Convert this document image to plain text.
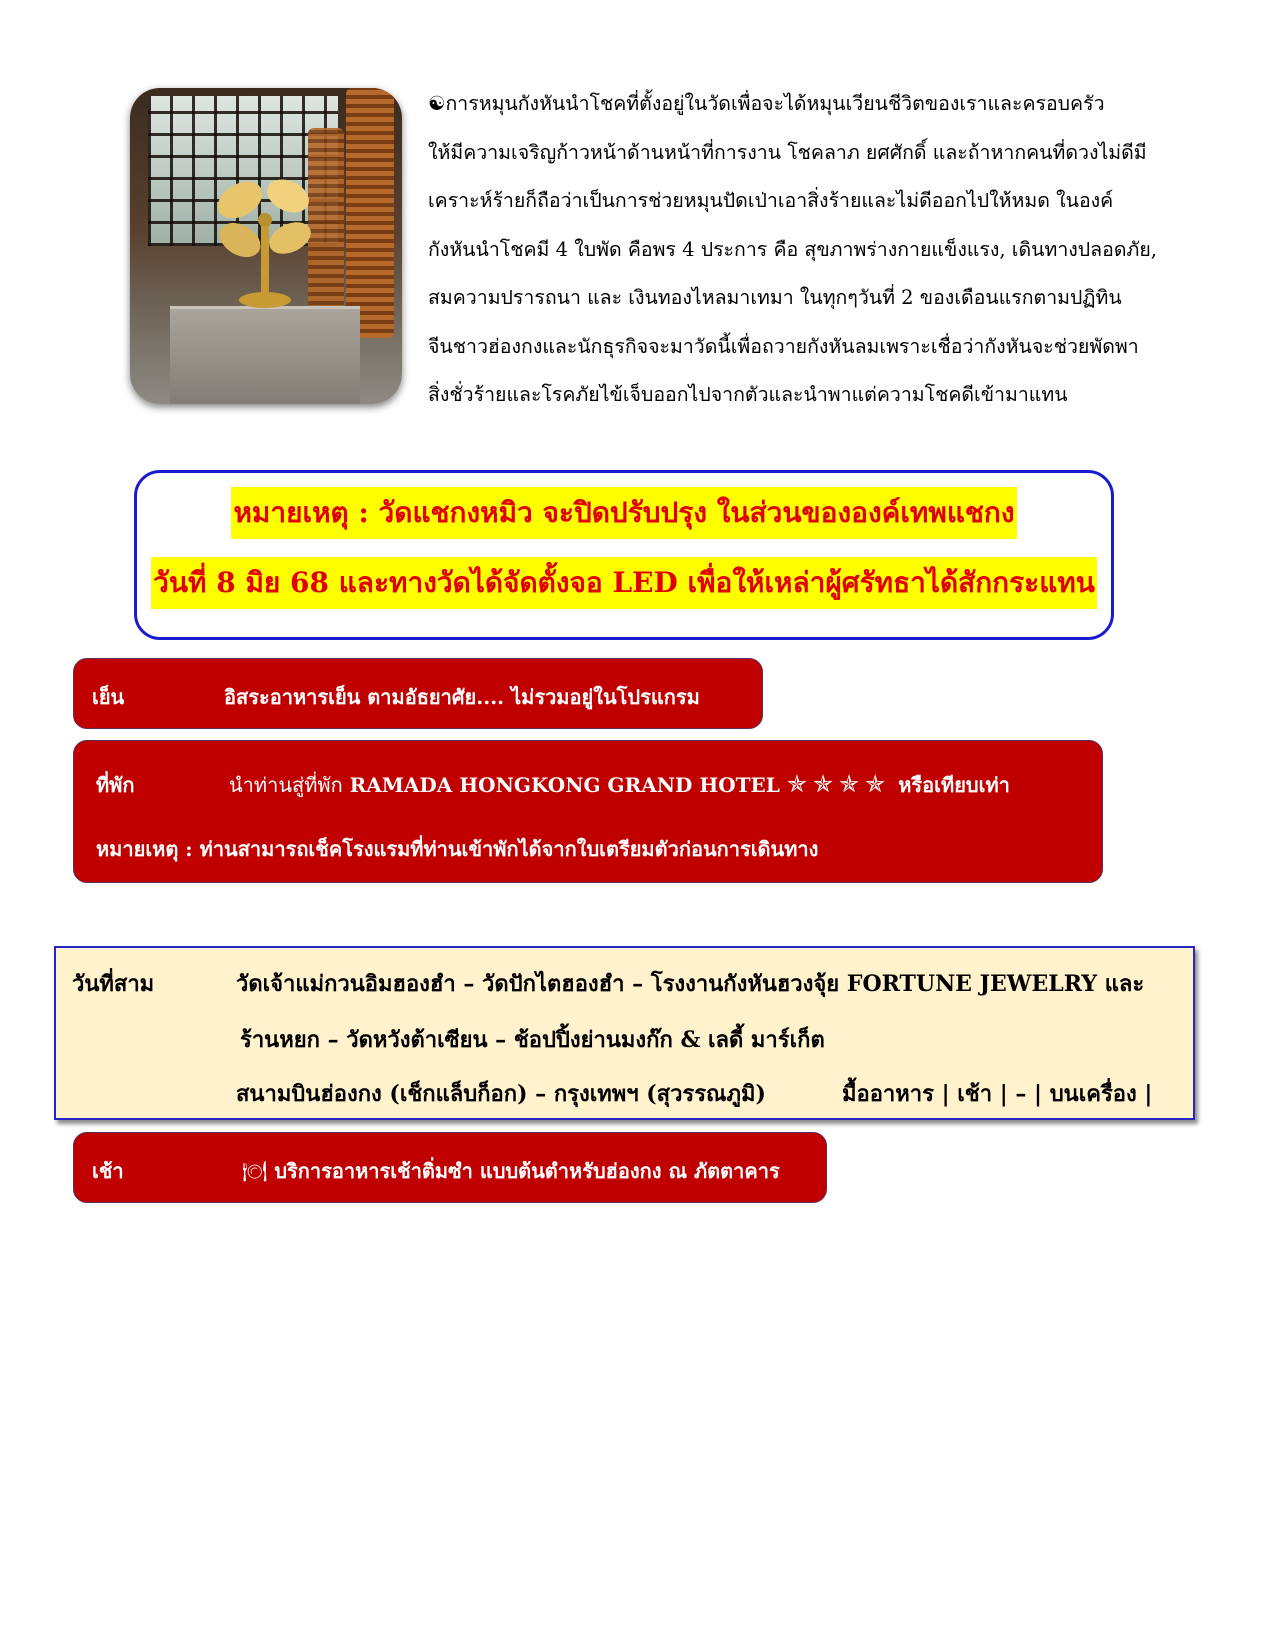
☯การหมุนกังหันนำโชคที่ตั้งอยู่ในวัดเพื่อจะได้หมุนเวียนชีวิตของเราและครอบครัว
ให้มีความเจริญก้าวหน้าด้านหน้าที่การงาน โชคลาภ ยศศักดิ์ และถ้าหากคนที่ดวงไม่ดีมี
เคราะห์ร้ายก็ถือว่าเป็นการช่วยหมุนปัดเป่าเอาสิ่งร้ายและไม่ดีออกไปให้หมด ในองค์
กังหันนำโชคมี 4 ใบพัด คือพร 4 ประการ คือ สุขภาพร่างกายแข็งแรง, เดินทางปลอดภัย,
สมความปรารถนา และ เงินทองไหลมาเทมา ในทุกๆวันที่ 2 ของเดือนแรกตามปฏิทิน
จีนชาวฮ่องกงและนักธุรกิจจะมาวัดนี้เพื่อถวายกังหันลมเพราะเชื่อว่ากังหันจะช่วยพัดพา
สิ่งชั่วร้ายและโรคภัยไข้เจ็บออกไปจากตัวและนำพาแต่ความโชคดีเข้ามาแทน

หมายเหตุ : วัดแชกงหมิว จะปิดปรับปรุง ในส่วนขององค์เทพแชกง
วันที่ 8 มิย 68 และทางวัดได้จัดตั้งจอ LED เพื่อให้เหล่าผู้ศรัทธาได้สักกระแทน
เย็น	อิสระอาหารเย็น ตามอัธยาศัย.... ไม่รวมอยู่ในโปรแกรม
ที่พัก	นำท่านสู่ที่พัก RAMADA HONGKONG GRAND HOTEL ✯✯✯✯ หรือเทียบเท่า
หมายเหตุ : ท่านสามารถเช็คโรงแรมที่ท่านเข้าพักได้จากใบเตรียมตัวก่อนการเดินทาง
วันที่สาม	วัดเจ้าแม่กวนอิมฮองฮำ – วัดปักไตฮองฮำ – โรงงานกังหันฮวงจุ้ย FORTUNE JEWELRY และ
ร้านหยก – วัดหวังต้าเซียน – ช้อปปิ้งย่านมงก๊ก & เลดี้ มาร์เก็ต
สนามบินฮ่องกง (เช็กแล็บก็อก) – กรุงเทพฯ (สุวรรณภูมิ)	มื้ออาหาร | เช้า | – | บนเครื่อง |
เช้า	🍽 บริการอาหารเช้าติ่มซำ แบบต้นตำหรับฮ่องกง ณ ภัตตาคาร
